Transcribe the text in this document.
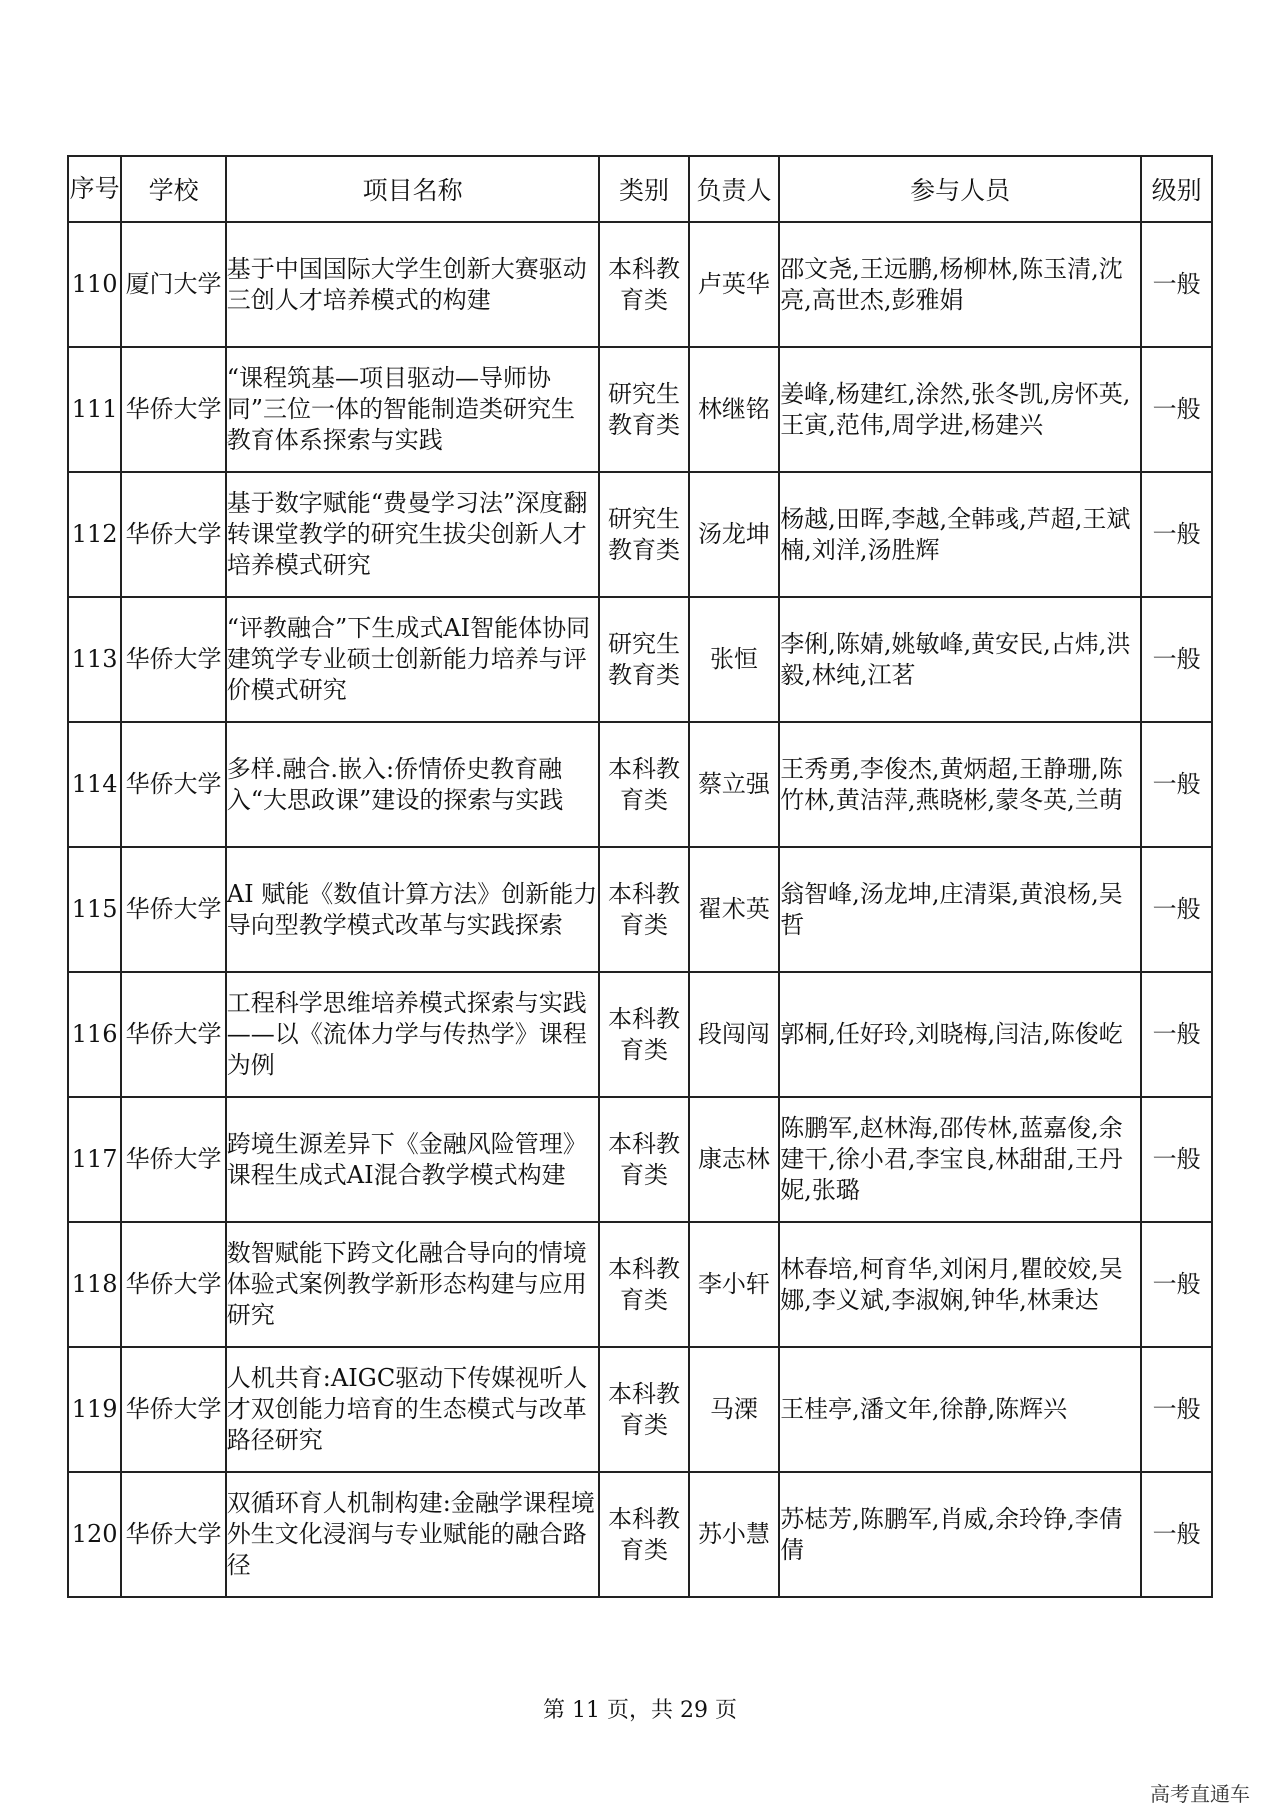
序号	学校	项目名称	类别	负责人	参与人员	级别
110	厦门大学	基于中国国际大学生创新大赛驱动三创人才培养模式的构建	本科教育类	卢英华	邵文尧,王远鹏,杨柳林,陈玉清,沈亮,高世杰,彭雅娟	一般
111	华侨大学	“课程筑基—项目驱动—导师协同”三位一体的智能制造类研究生教育体系探索与实践	研究生教育类	林继铭	姜峰,杨建红,涂然,张冬凯,房怀英,王寅,范伟,周学进,杨建兴	一般
112	华侨大学	基于数字赋能“费曼学习法”深度翻转课堂教学的研究生拔尖创新人才培养模式研究	研究生教育类	汤龙坤	杨越,田晖,李越,全韩彧,芦超,王斌楠,刘洋,汤胜辉	一般
113	华侨大学	“评教融合”下生成式AI智能体协同建筑学专业硕士创新能力培养与评价模式研究	研究生教育类	张恒	李俐,陈婧,姚敏峰,黄安民,占炜,洪毅,林纯,江茗	一般
114	华侨大学	多样.融合.嵌入:侨情侨史教育融入“大思政课”建设的探索与实践	本科教育类	蔡立强	王秀勇,李俊杰,黄炳超,王静珊,陈竹林,黄洁萍,燕晓彬,蒙冬英,兰萌	一般
115	华侨大学	AI 赋能《数值计算方法》创新能力导向型教学模式改革与实践探索	本科教育类	翟术英	翁智峰,汤龙坤,庄清渠,黄浪杨,吴哲	一般
116	华侨大学	工程科学思维培养模式探索与实践——以《流体力学与传热学》课程为例	本科教育类	段闯闯	郭桐,任好玲,刘晓梅,闫洁,陈俊屹	一般
117	华侨大学	跨境生源差异下《金融风险管理》课程生成式AI混合教学模式构建	本科教育类	康志林	陈鹏军,赵林海,邵传林,蓝嘉俊,余建干,徐小君,李宝良,林甜甜,王丹妮,张璐	一般
118	华侨大学	数智赋能下跨文化融合导向的情境体验式案例教学新形态构建与应用研究	本科教育类	李小轩	林春培,柯育华,刘闲月,瞿皎姣,吴娜,李义斌,李淑娴,钟华,林秉达	一般
119	华侨大学	人机共育:AIGC驱动下传媒视听人才双创能力培育的生态模式与改革路径研究	本科教育类	马溧	王桂亭,潘文年,徐静,陈辉兴	一般
120	华侨大学	双循环育人机制构建:金融学课程境外生文化浸润与专业赋能的融合路径	本科教育类	苏小慧	苏梽芳,陈鹏军,肖威,余玲铮,李倩倩	一般
第 11 页，共 29 页
高考直通车
